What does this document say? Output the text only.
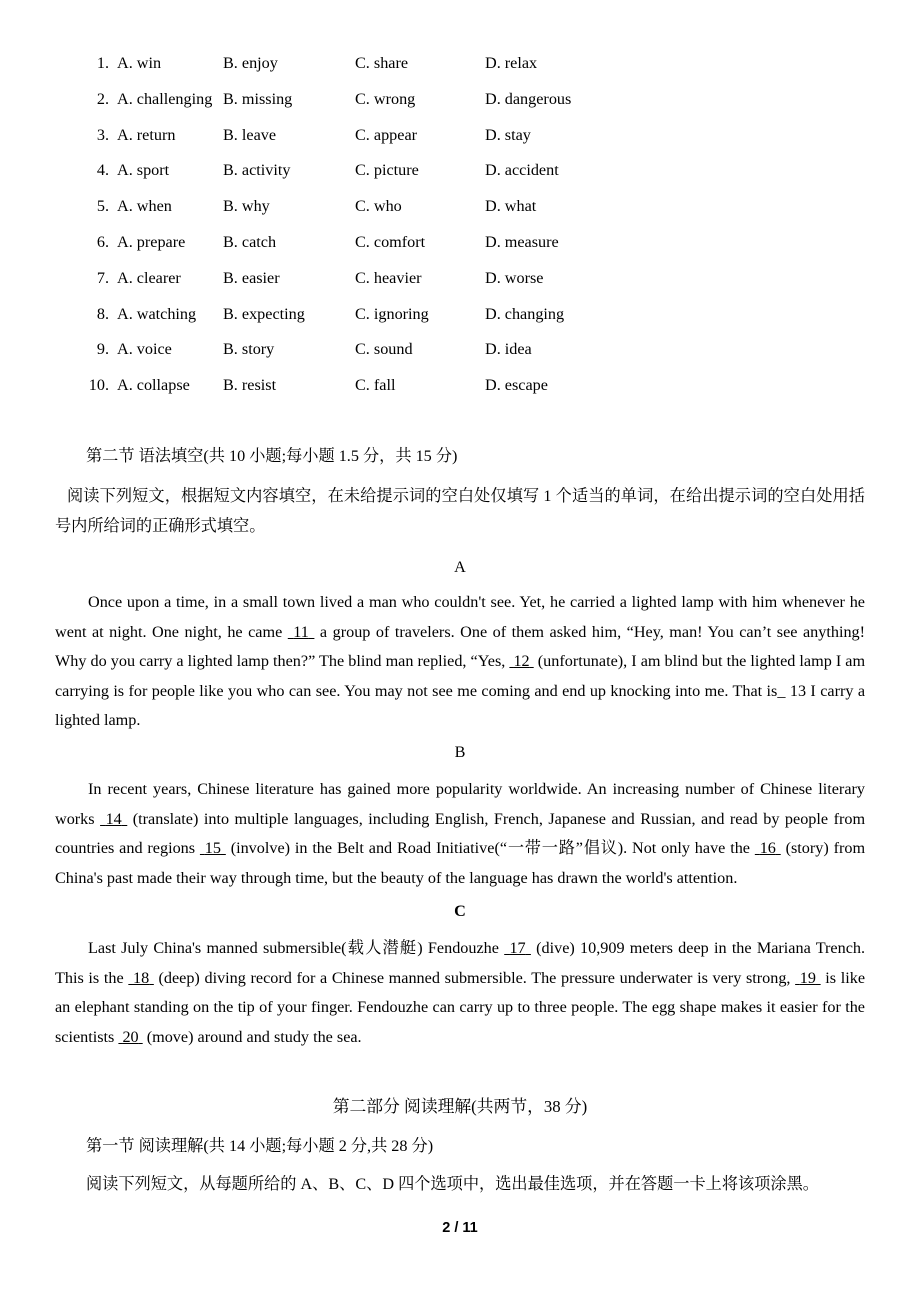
1. A. win	B. enjoy	C. share	D. relax
2. A. challenging B. missing	C. wrong	D. dangerous
3. A. return	B. leave	C. appear	D. stay
4. A. sport	B. activity	C. picture	D. accident
5. A. when	B. why	C. who	D. what
6. A. prepare B. catch	C. comfort	D. measure
7. A. clearer	B. easier	C. heavier	D. worse
8. A. watching B. expecting	C. ignoring	D. changing
9. A. voice	B. story	C. sound	D. idea
10. A. collapse B. resist	C. fall	D. escape
第二节 语法填空(共 10 小题;每小题 1.5 分，共 15 分)
阅读下列短文，根据短文内容填空，在未给提示词的空白处仅填写 1 个适当的单词，在给出提示词的空白处用括号内所给词的正确形式填空。
A
Once upon a time, in a small town lived a man who couldn't see. Yet, he carried a lighted lamp with him whenever he went at night. One night, he came 11 a group of travelers. One of them asked him, “Hey, man! You can’t see anything! Why do you carry a lighted lamp then?” The blind man replied, “Yes, 12 (unfortunate), I am blind but the lighted lamp I am carrying is for people like you who can see. You may not see me coming and end up knocking into me. That is_ 13 I carry a lighted lamp.
B
In recent years, Chinese literature has gained more popularity worldwide. An increasing number of Chinese literary works 14 (translate) into multiple languages, including English, French, Japanese and Russian, and read by people from countries and regions 15 (involve) in the Belt and Road Initiative(“一带一路”倡议). Not only have the 16 (story) from China's past made their way through time, but the beauty of the language has drawn the world's attention.
C
Last July China's manned submersible(载人潜艇) Fendouzhe 17 (dive) 10,909 meters deep in the Mariana Trench. This is the 18 (deep) diving record for a Chinese manned submersible. The pressure underwater is very strong, 19 is like an elephant standing on the tip of your finger. Fendouzhe can carry up to three people. The egg shape makes it easier for the scientists 20 (move) around and study the sea.
第二部分 阅读理解(共两节，38 分)
第一节 阅读理解(共 14 小题;每小题 2 分,共 28 分)
阅读下列短文，从每题所给的 A、B、C、D 四个选项中，选出最佳选项，并在答题一卡上将该项涂黑。
2 / 11
